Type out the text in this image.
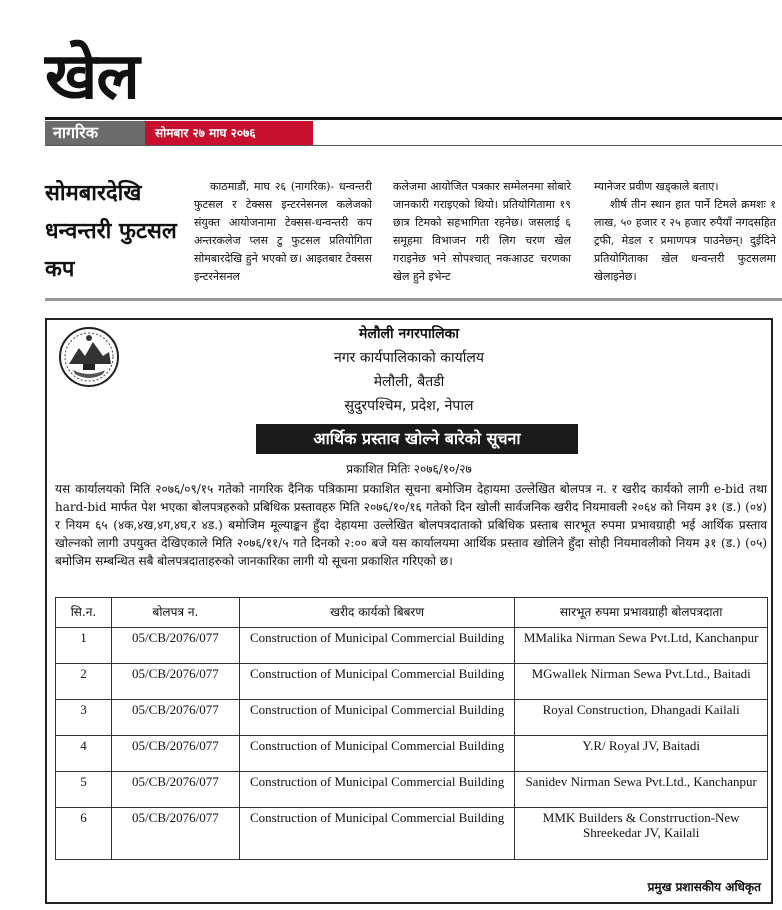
खेल
नागरिक	सोमबार २७ माघ २०७६
सोमबारदेखि धन्वन्तरी फुटसल कप
काठमाडौं, माघ २६ (नागरिक)- धन्वन्तरी फुटसल र टेक्सस इन्टरनेसनल कलेजको संयुक्त आयोजनामा टेक्सस-धन्वन्तरी कप अन्तरकलेज प्लस टु फुटसल प्रतियोगिता सोमबारदेखि हुने भएको छ। आइतबार टेक्सस इन्टरनेसनल
कलेजमा आयोजित पत्रकार सम्मेलनमा सोबारे जानकारी गराइएको थियो। प्रतियोगितामा १९ छात्र टिमको सहभागिता रहनेछ। जसलाई ६ समूहमा विभाजन गरी लिग चरण खेल गराइनेछ भने सोपश्चात् नकआउट चरणका खेल हुने इभेन्ट

म्यानेजर प्रवीण खड्काले बताए।

शीर्ष तीन स्थान हात पार्ने टिमले क्रमशः १ लाख, ५० हजार र २५ हजार रुपैयाँ नगदसहित ट्रफी, मेडल र प्रमाणपत्र पाउनेछन्। दुईदिने प्रतियोगिताका खेल धन्वन्तरी फुटसलमा खेलाइनेछ।

मेलौली नगरपालिका
नगर कार्यपालिकाको कार्यालय
मेलौली, बैतडी
सुदुरपश्चिम, प्रदेश, नेपाल
आर्थिक प्रस्ताव खोल्ने बारेको सूचना
प्रकाशित मितिः २०७६/१०/२७
यस कार्यालयको मिति २०७६/०९/१५ गतेको नागरिक दैनिक पत्रिकामा प्रकाशित सूचना बमोजिम देहायमा उल्लेखित बोलपत्र न. र खरीद कार्यको लागी e-bid तथा hard-bid मार्फत पेश भएका बोलपत्रहरुको प्रबिधिक प्रस्तावहरु मिति २०७६/१०/१६ गतेको दिन खोली सार्वजनिक खरीद नियमावली २०६४ को नियम ३१ (ड.) (०४) र नियम ६५ (४क,४ख,४ग,४घ,र ४ड.) बमोजिम मूल्याङ्कन हुँदा देहायमा उल्लेखित बोलपत्रदाताको प्रबिधिक प्रस्ताब सारभूत रुपमा प्रभावग्राही भई आर्थिक प्रस्ताव खोल्नको लागी उपयुक्त देखिएकाले मिति २०७६/११/५ गते दिनको २:०० बजे यस कार्यालयमा आर्थिक प्रस्ताव खोलिने हुँदा सोही नियमावलीको नियम ३१ (ड.) (०५) बमोजिम सम्बन्धित सबै बोलपत्रदाताहरुको जानकारिका लागी यो सूचना प्रकाशित गरिएको छ।
सि.न.	बोलपत्र न.	खरीद कार्यको बिबरण	सारभूत रुपमा प्रभावग्राही बोलपत्रदाता
1	05/CB/2076/077	Construction of Municipal Commercial Building	MMalika Nirman Sewa Pvt.Ltd, Kanchanpur
2	05/CB/2076/077	Construction of Municipal Commercial Building	MGwallek Nirman Sewa Pvt.Ltd., Baitadi
3	05/CB/2076/077	Construction of Municipal Commercial Building	Royal Construction, Dhangadi Kailali
4	05/CB/2076/077	Construction of Municipal Commercial Building	Y.R/ Royal JV, Baitadi
5	05/CB/2076/077	Construction of Municipal Commercial Building	Sanidev Nirman Sewa Pvt.Ltd., Kanchanpur
6	05/CB/2076/077	Construction of Municipal Commercial Building	MMK Builders & Constrruction-New Shreekedar JV, Kailali
प्रमुख प्रशासकीय अधिकृत
